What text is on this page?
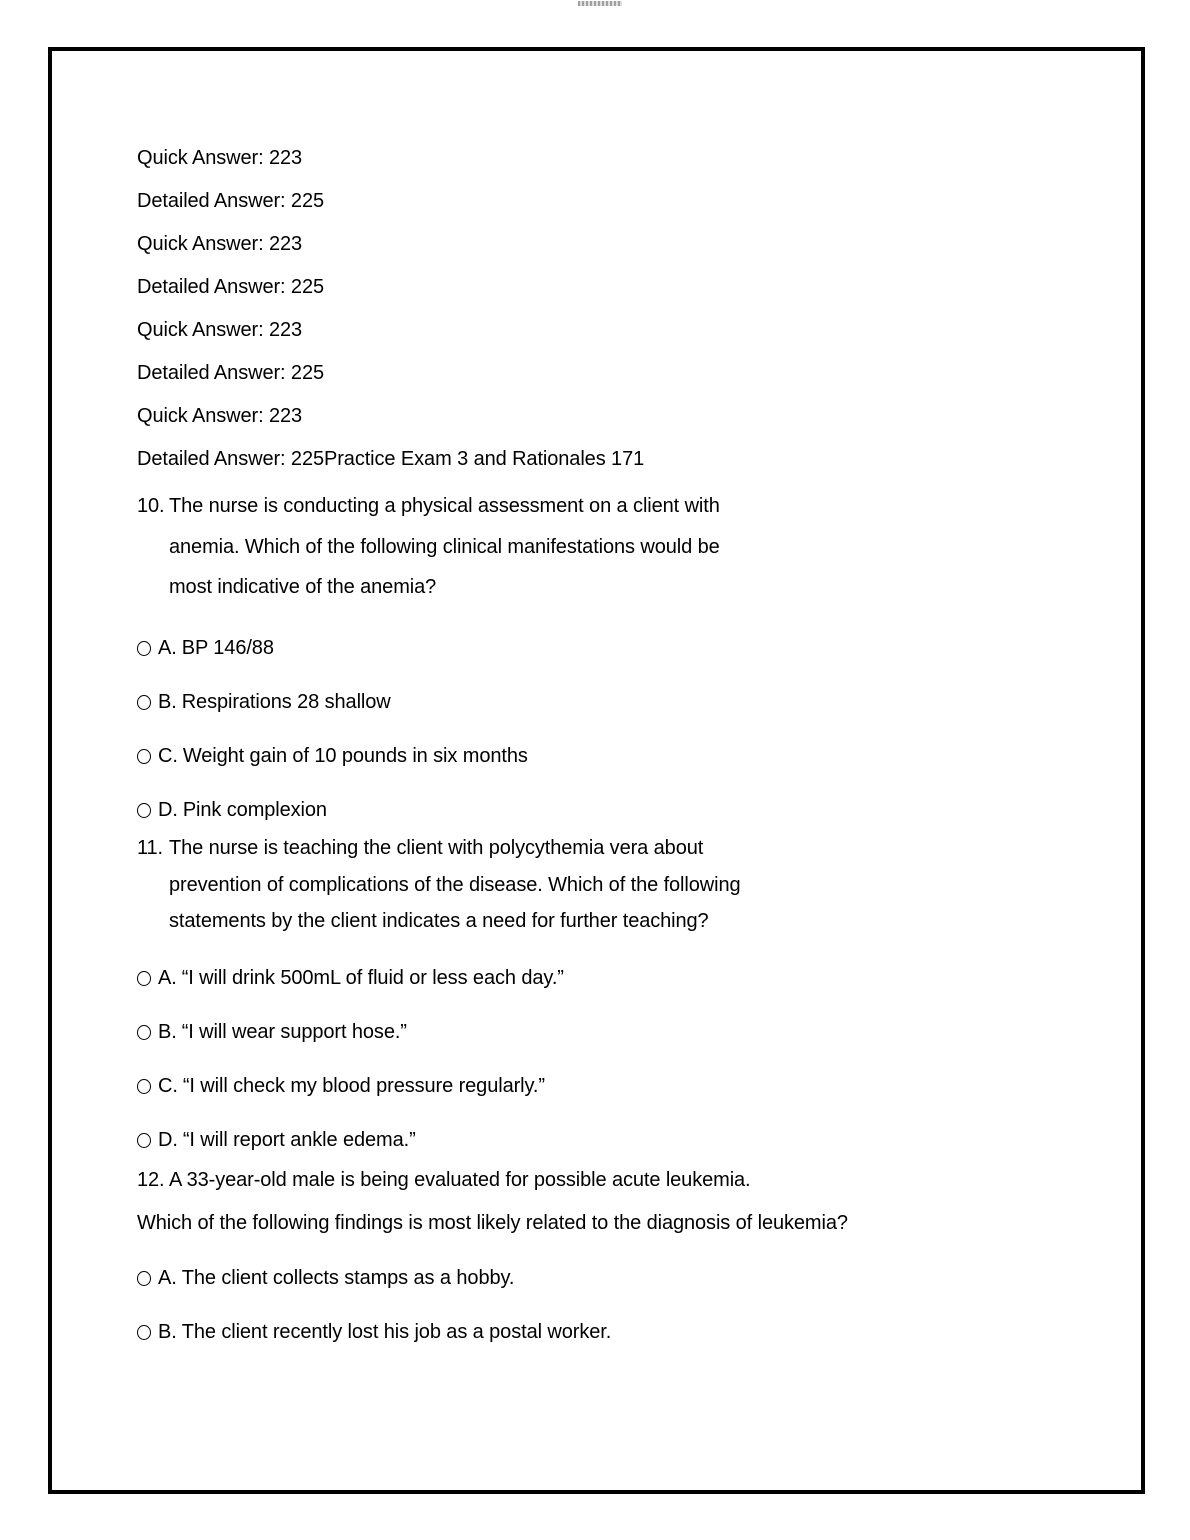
Quick Answer: 223
Detailed Answer: 225
Quick Answer: 223
Detailed Answer: 225
Quick Answer: 223
Detailed Answer: 225
Quick Answer: 223
Detailed Answer: 225Practice Exam 3 and Rationales 171
10. The nurse is conducting a physical assessment on a client with
anemia. Which of the following clinical manifestations would be
most indicative of the anemia?
A. BP 146/88
B. Respirations 28 shallow
C. Weight gain of 10 pounds in six months
D. Pink complexion
11. The nurse is teaching the client with polycythemia vera about
prevention of complications of the disease. Which of the following
statements by the client indicates a need for further teaching?
A. “I will drink 500mL of fluid or less each day.”
B. “I will wear support hose.”
C. “I will check my blood pressure regularly.”
D. “I will report ankle edema.”
12. A 33-year-old male is being evaluated for possible acute leukemia.
Which of the following findings is most likely related to the diagnosis of leukemia?
A. The client collects stamps as a hobby.
B. The client recently lost his job as a postal worker.
